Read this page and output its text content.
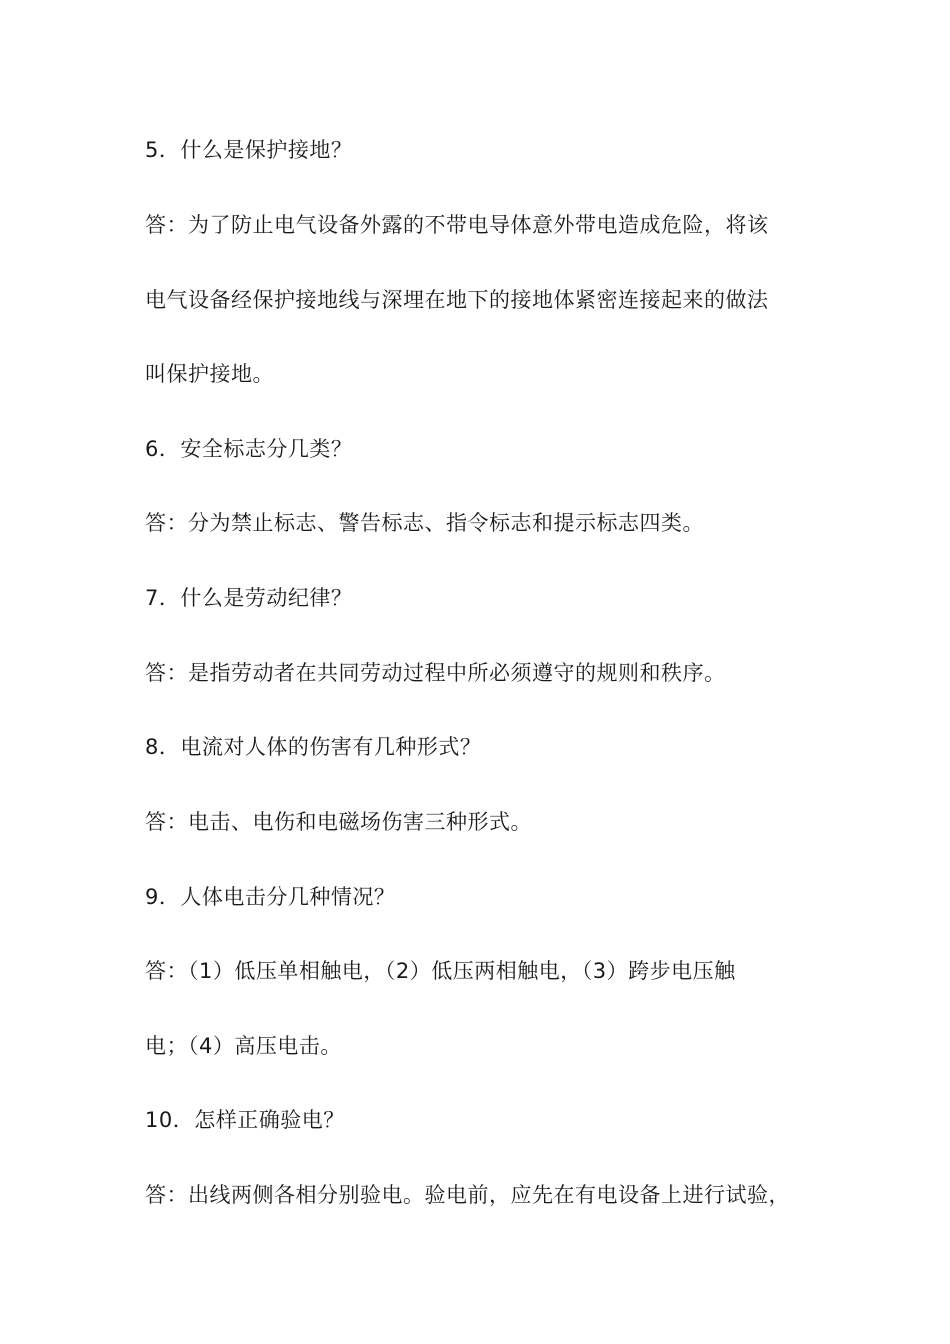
5．什么是保护接地？

答：为了防止电气设备外露的不带电导体意外带电造成危险，将该

电气设备经保护接地线与深埋在地下的接地体紧密连接起来的做法

叫保护接地。

6．安全标志分几类？

答：分为禁止标志、警告标志、指令标志和提示标志四类。

7．什么是劳动纪律？

答：是指劳动者在共同劳动过程中所必须遵守的规则和秩序。

8．电流对人体的伤害有几种形式？

答：电击、电伤和电磁场伤害三种形式。

9．人体电击分几种情况？

答：（1）低压单相触电，（2）低压两相触电，（3）跨步电压触

电；（4）高压电击。

10．怎样正确验电？

答：出线两侧各相分别验电。验电前，应先在有电设备上进行试验，
